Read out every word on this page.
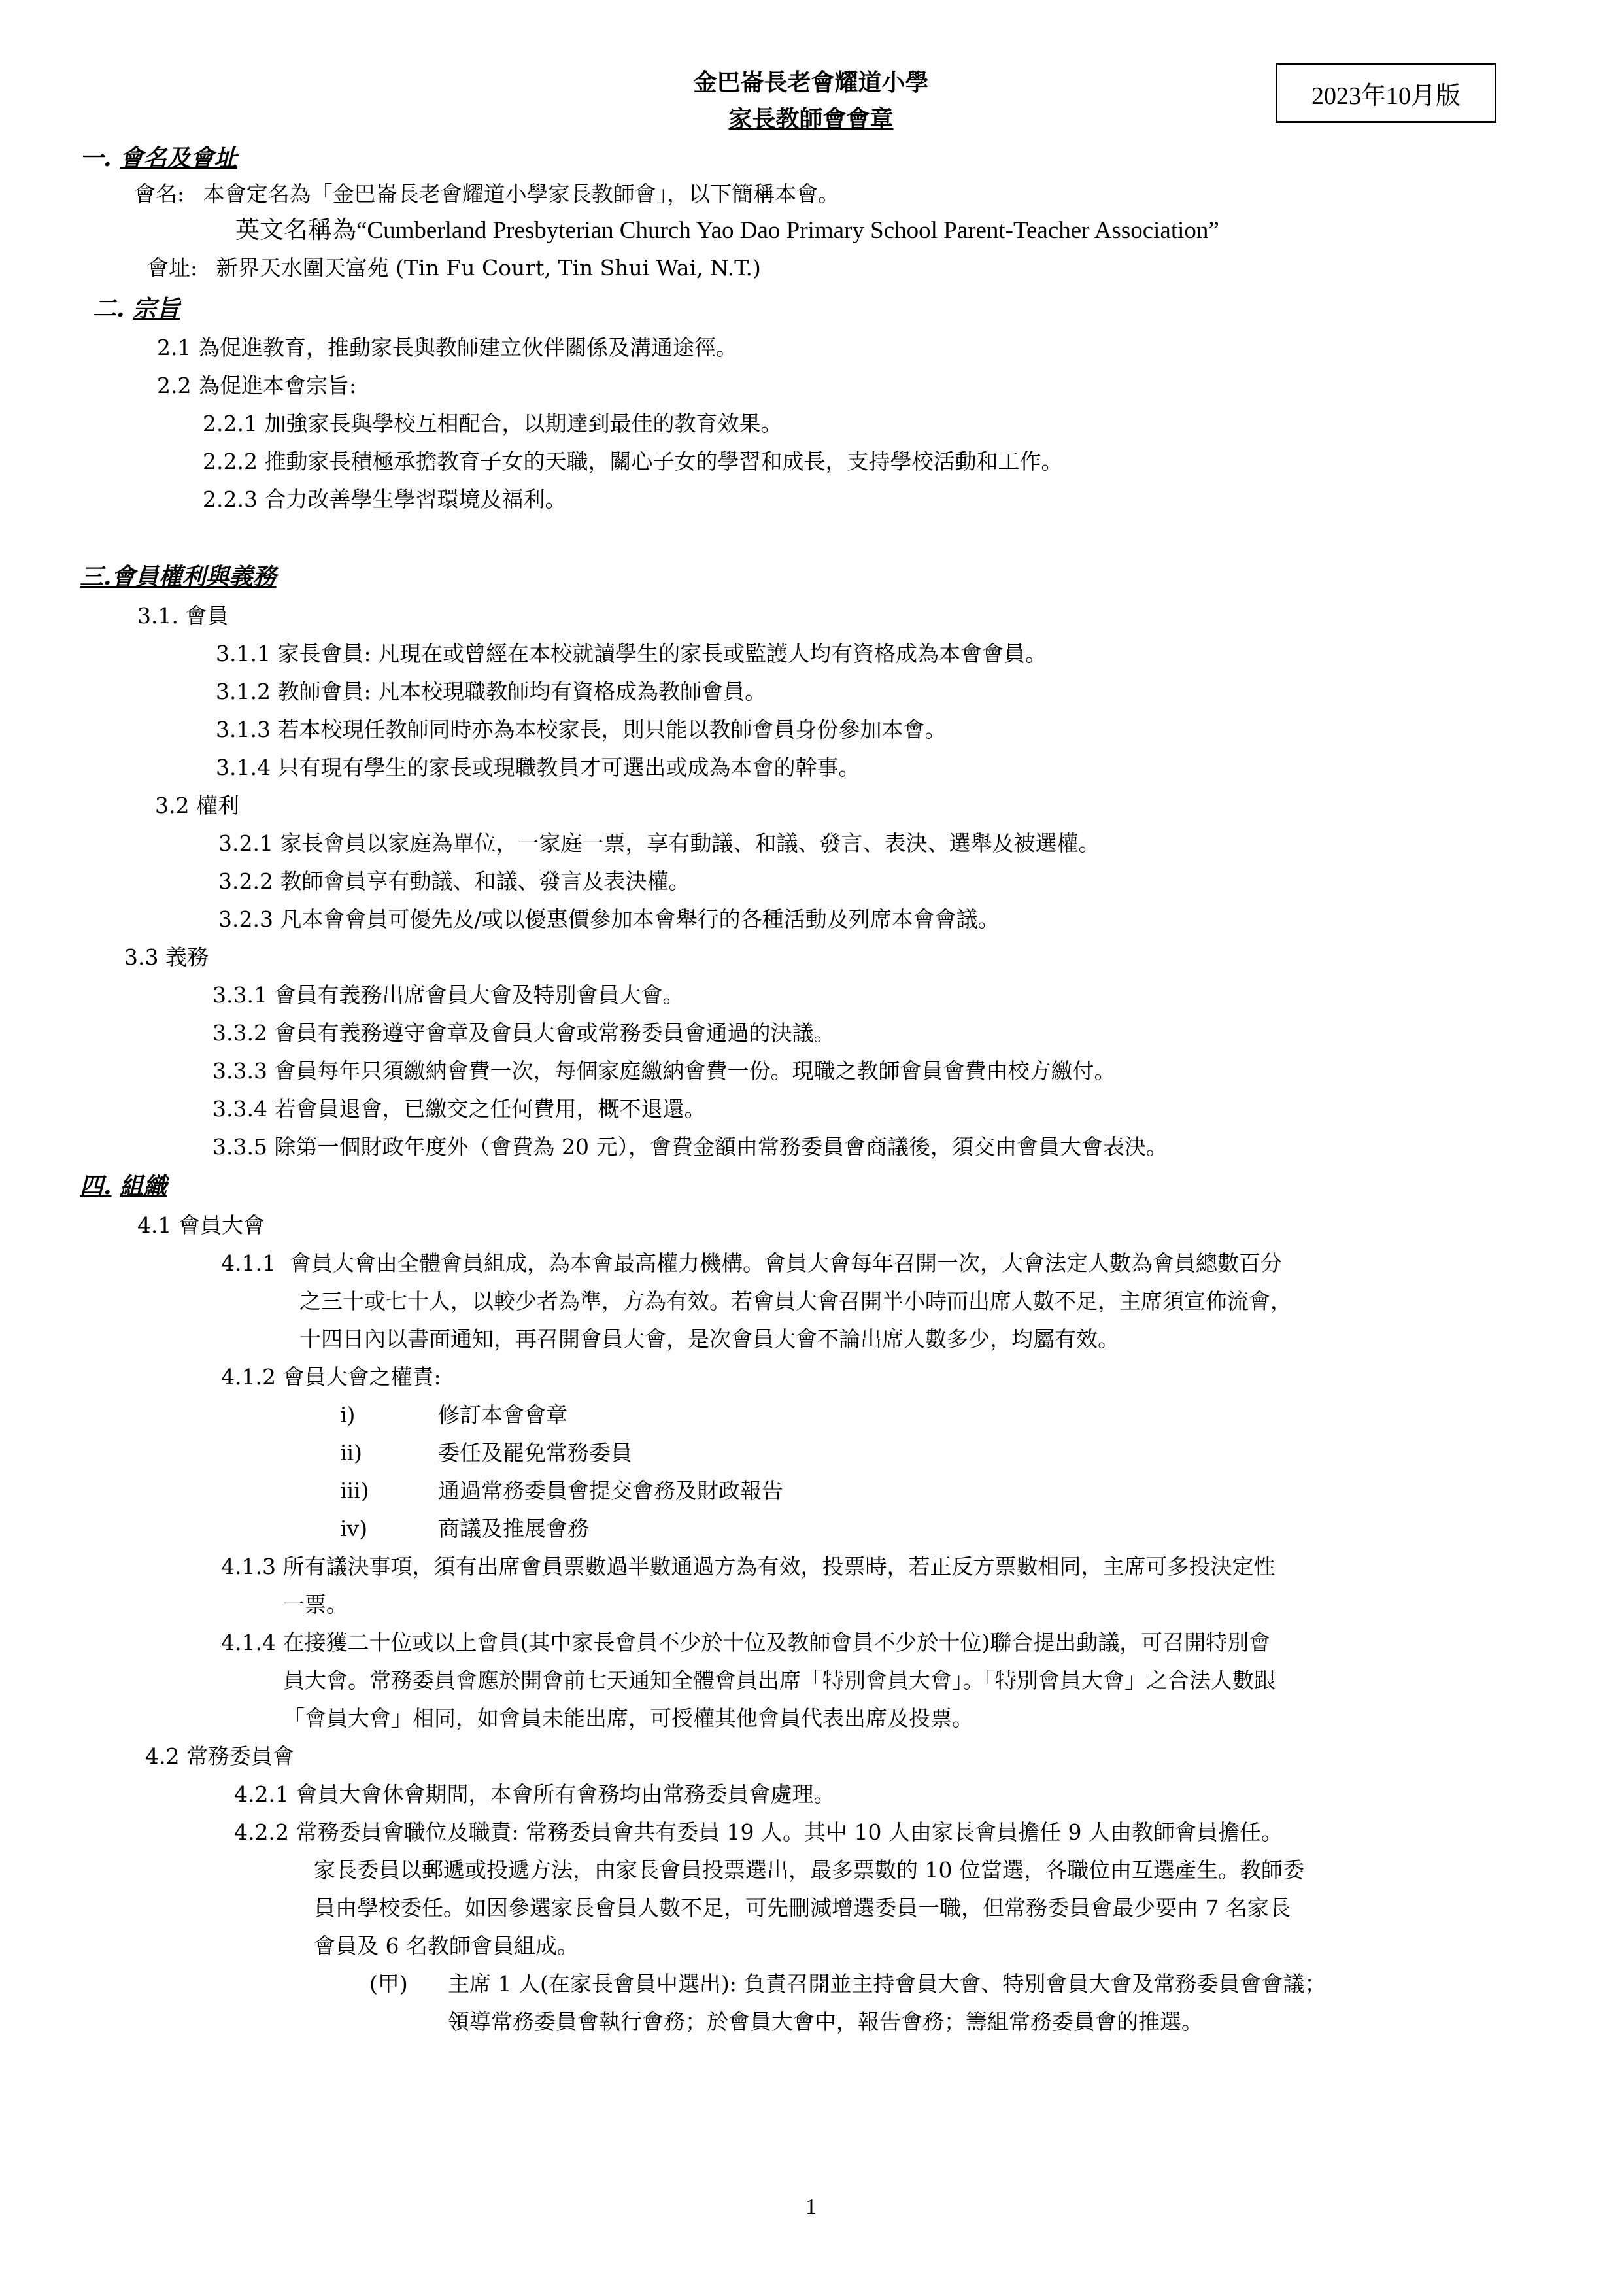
金巴崙長老會耀道小學
家長教師會會章
2023年10月版
一. 會名及會址
會名: 本會定名為「金巴崙長老會耀道小學家長教師會」，以下簡稱本會。
英文名稱為“Cumberland Presbyterian Church Yao Dao Primary School Parent-Teacher Association”
會址: 新界天水圍天富苑 (Tin Fu Court, Tin Shui Wai, N.T.)
二. 宗旨
2.1 為促進教育，推動家長與教師建立伙伴關係及溝通途徑。
2.2 為促進本會宗旨:
2.2.1 加強家長與學校互相配合，以期達到最佳的教育效果。
2.2.2 推動家長積極承擔教育子女的天職，關心子女的學習和成長，支持學校活動和工作。
2.2.3 合力改善學生學習環境及福利。
三.會員權利與義務
3.1. 會員
3.1.1 家長會員: 凡現在或曾經在本校就讀學生的家長或監護人均有資格成為本會會員。
3.1.2 教師會員: 凡本校現職教師均有資格成為教師會員。
3.1.3 若本校現任教師同時亦為本校家長，則只能以教師會員身份參加本會。
3.1.4 只有現有學生的家長或現職教員才可選出或成為本會的幹事。
3.2 權利
3.2.1 家長會員以家庭為單位，一家庭一票，享有動議、和議、發言、表決、選舉及被選權。
3.2.2 教師會員享有動議、和議、發言及表決權。
3.2.3 凡本會會員可優先及/或以優惠價參加本會舉行的各種活動及列席本會會議。
3.3 義務
3.3.1 會員有義務出席會員大會及特別會員大會。
3.3.2 會員有義務遵守會章及會員大會或常務委員會通過的決議。
3.3.3 會員每年只須繳納會費一次，每個家庭繳納會費一份。現職之教師會員會費由校方繳付。
3.3.4 若會員退會，已繳交之任何費用，概不退還。
3.3.5 除第一個財政年度外（會費為 20 元），會費金額由常務委員會商議後，須交由會員大會表決。
四. 組織
4.1 會員大會
4.1.1 會員大會由全體會員組成，為本會最高權力機構。會員大會每年召開一次，大會法定人數為會員總數百分
之三十或七十人，以較少者為準，方為有效。若會員大會召開半小時而出席人數不足，主席須宣佈流會，
十四日內以書面通知，再召開會員大會，是次會員大會不論出席人數多少，均屬有效。
4.1.2 會員大會之權責:
i)	修訂本會會章
ii)	委任及罷免常務委員
iii)	通過常務委員會提交會務及財政報告
iv)	商議及推展會務
4.1.3 所有議決事項，須有出席會員票數過半數通過方為有效，投票時，若正反方票數相同，主席可多投決定性
一票。
4.1.4 在接獲二十位或以上會員(其中家長會員不少於十位及教師會員不少於十位)聯合提出動議，可召開特別會
員大會。常務委員會應於開會前七天通知全體會員出席「特別會員大會」。「特別會員大會」之合法人數跟
「會員大會」相同，如會員未能出席，可授權其他會員代表出席及投票。
4.2 常務委員會
4.2.1 會員大會休會期間，本會所有會務均由常務委員會處理。
4.2.2 常務委員會職位及職責: 常務委員會共有委員 19 人。其中 10 人由家長會員擔任 9 人由教師會員擔任。
家長委員以郵遞或投遞方法，由家長會員投票選出，最多票數的 10 位當選，各職位由互選產生。教師委
員由學校委任。如因參選家長會員人數不足，可先刪減增選委員一職，但常務委員會最少要由 7 名家長
會員及 6 名教師會員組成。
(甲) 主席 1 人(在家長會員中選出): 負責召開並主持會員大會、特別會員大會及常務委員會會議；
領導常務委員會執行會務；於會員大會中，報告會務；籌組常務委員會的推選。
1
